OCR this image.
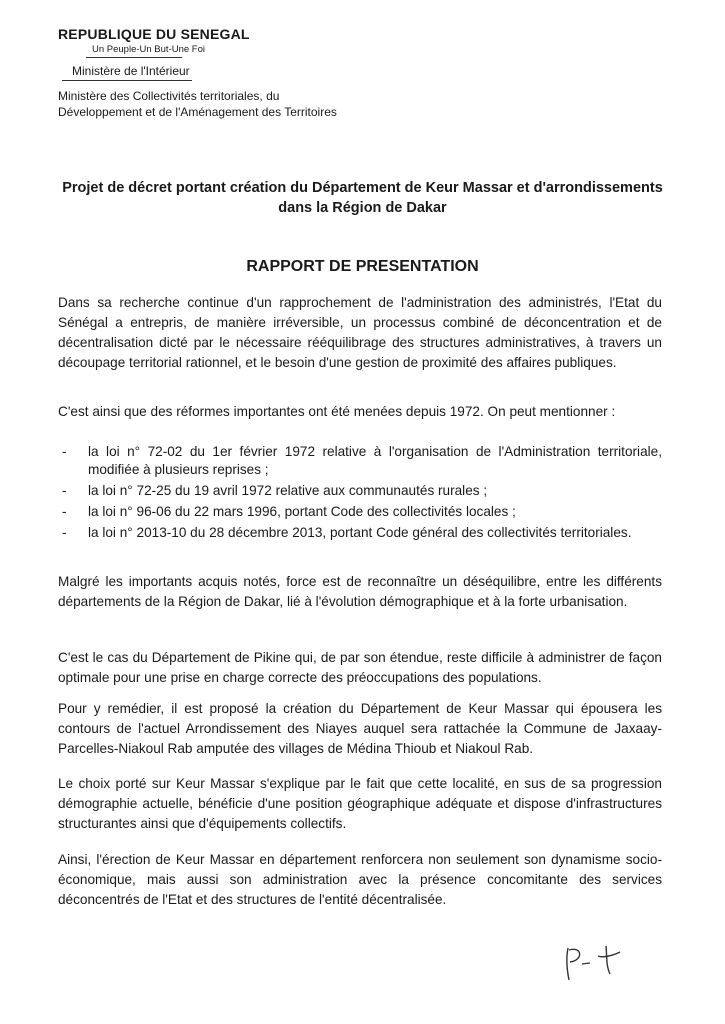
REPUBLIQUE DU SENEGAL

Un Peuple-Un But-Une Foi
Ministère de l'Intérieur
Ministère des Collectivités territoriales, du Développement et de l'Aménagement des Territoires
Projet de décret portant création du Département de Keur Massar et d'arrondissements dans la Région de Dakar
RAPPORT DE PRESENTATION
Dans sa recherche continue d'un rapprochement de l'administration des administrés, l'Etat du Sénégal a entrepris, de manière irréversible, un processus combiné de déconcentration et de décentralisation dicté par le nécessaire rééquilibrage des structures administratives, à travers un découpage territorial rationnel, et le besoin d'une gestion de proximité des affaires publiques.
C'est ainsi que des réformes importantes ont été menées depuis 1972. On peut mentionner :
- la loi n° 72-02 du 1er février 1972 relative à l'organisation de l'Administration territoriale, modifiée à plusieurs reprises ;
- la loi n° 72-25 du 19 avril 1972 relative aux communautés rurales ;
- la loi n° 96-06 du 22 mars 1996, portant Code des collectivités locales ;
- la loi n° 2013-10 du 28 décembre 2013, portant Code général des collectivités territoriales.
Malgré les importants acquis notés, force est de reconnaître un déséquilibre, entre les différents départements de la Région de Dakar, lié à l'évolution démographique et à la forte urbanisation.
C'est le cas du Département de Pikine qui, de par son étendue, reste difficile à administrer de façon optimale pour une prise en charge correcte des préoccupations des populations.
Pour y remédier, il est proposé la création du Département de Keur Massar qui épousera les contours de l'actuel Arrondissement des Niayes auquel sera rattachée la Commune de Jaxaay-Parcelles-Niakoul Rab amputée des villages de Médina Thioub et Niakoul Rab.
Le choix porté sur Keur Massar s'explique par le fait que cette localité, en sus de sa progression démographie actuelle, bénéficie d'une position géographique adéquate et dispose d'infrastructures structurantes ainsi que d'équipements collectifs.
Ainsi, l'érection de Keur Massar en département renforcera non seulement son dynamisme socio-économique, mais aussi son administration avec la présence concomitante des services déconcentrés de l'Etat et des structures de l'entité décentralisée.
